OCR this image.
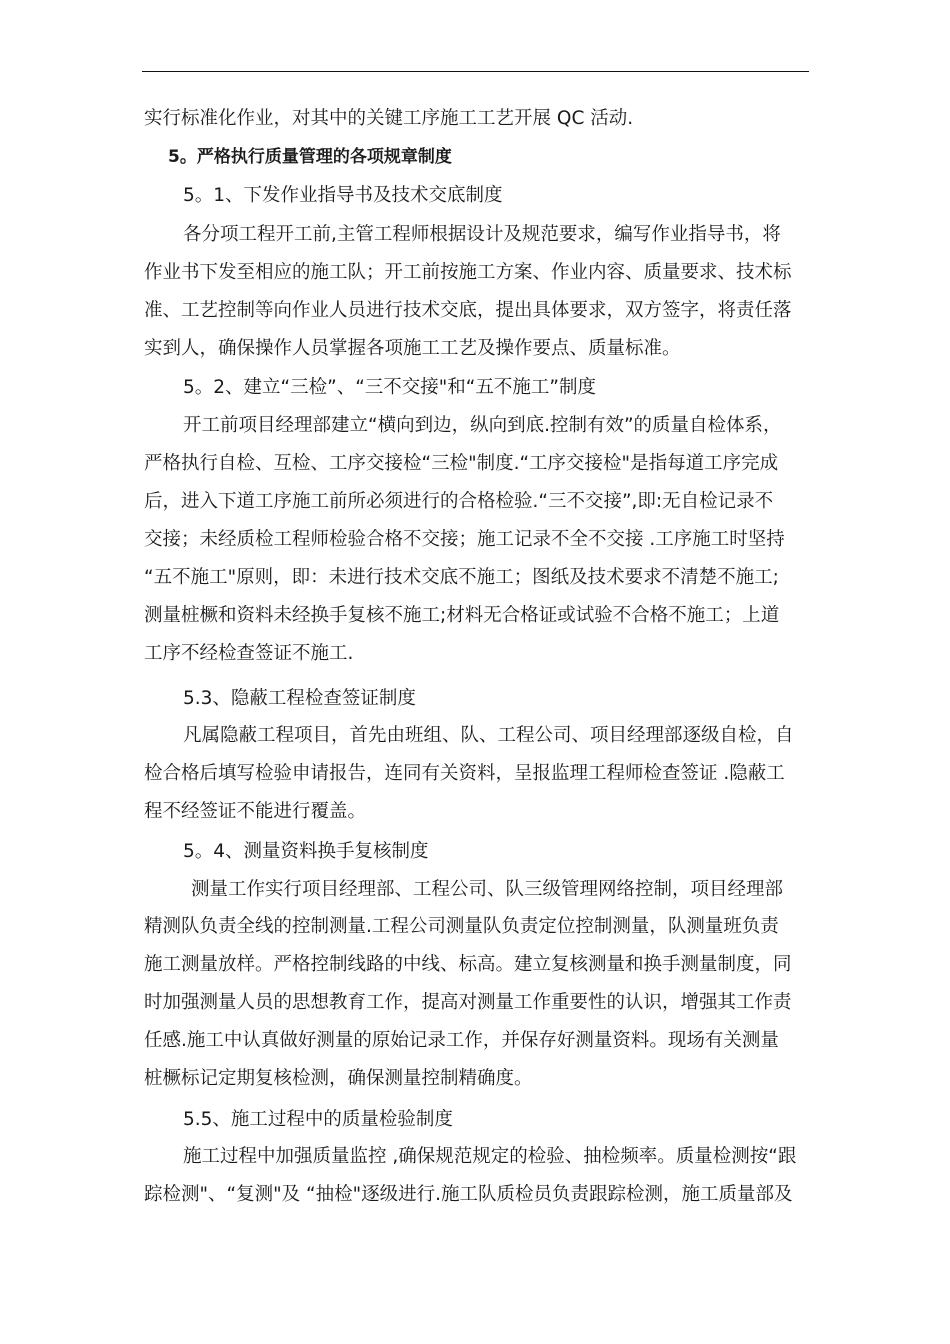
实行标准化作业，对其中的关键工序施工工艺开展 QC 活动.
5。严格执行质量管理的各项规章制度
5。1、下发作业指导书及技术交底制度
各分项工程开工前,主管工程师根据设计及规范要求，编写作业指导书，将
作业书下发至相应的施工队；开工前按施工方案、作业内容、质量要求、技术标
准、工艺控制等向作业人员进行技术交底，提出具体要求，双方签字，将责任落
实到人，确保操作人员掌握各项施工工艺及操作要点、质量标准。
5。2、建立“三检”、“三不交接"和“五不施工”制度
开工前项目经理部建立“横向到边，纵向到底.控制有效”的质量自检体系，
严格执行自检、互检、工序交接检“三检"制度.“工序交接检"是指每道工序完成
后，进入下道工序施工前所必须进行的合格检验.“三不交接”,即:无自检记录不
交接；未经质检工程师检验合格不交接；施工记录不全不交接 .工序施工时坚持
“五不施工"原则，即：未进行技术交底不施工；图纸及技术要求不清楚不施工;
测量桩橛和资料未经换手复核不施工;材料无合格证或试验不合格不施工；上道
工序不经检查签证不施工.
5.3、隐蔽工程检查签证制度
凡属隐蔽工程项目，首先由班组、队、工程公司、项目经理部逐级自检，自
检合格后填写检验申请报告，连同有关资料，呈报监理工程师检查签证 .隐蔽工
程不经签证不能进行覆盖。
5。4、测量资料换手复核制度
测量工作实行项目经理部、工程公司、队三级管理网络控制，项目经理部
精测队负责全线的控制测量.工程公司测量队负责定位控制测量，队测量班负责
施工测量放样。严格控制线路的中线、标高。建立复核测量和换手测量制度，同
时加强测量人员的思想教育工作，提高对测量工作重要性的认识，增强其工作责
任感.施工中认真做好测量的原始记录工作，并保存好测量资料。现场有关测量
桩橛标记定期复核检测，确保测量控制精确度。
5.5、施工过程中的质量检验制度
施工过程中加强质量监控 ,确保规范规定的检验、抽检频率。质量检测按“跟
踪检测"、“复测"及 “抽检"逐级进行.施工队质检员负责跟踪检测，施工质量部及
